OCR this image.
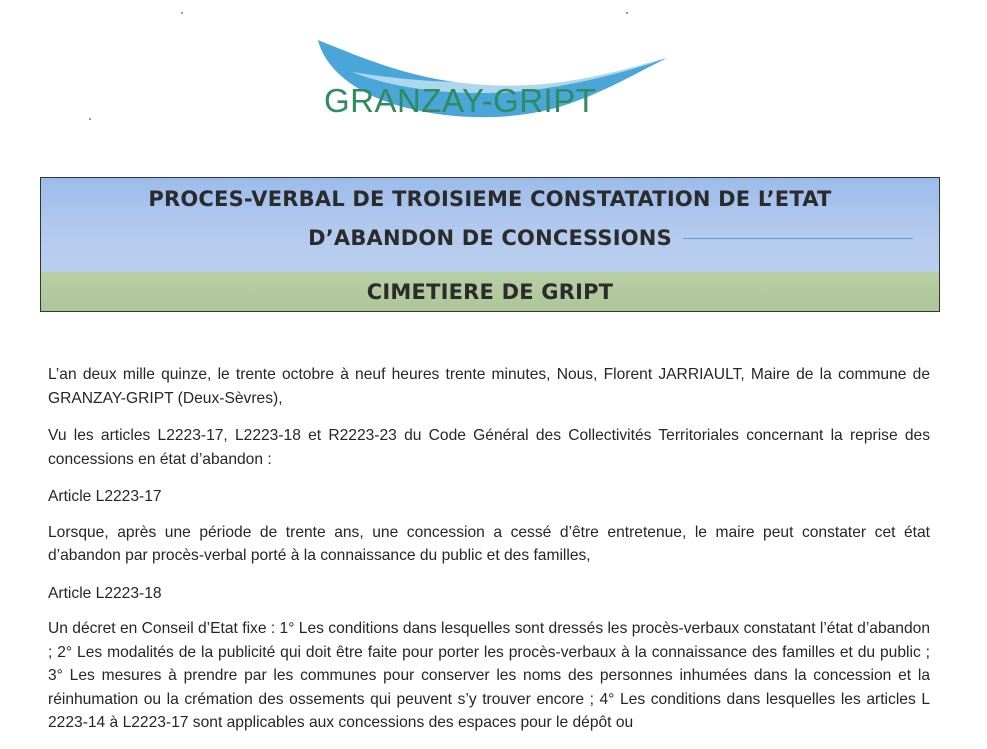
GRANZAY-GRIPT
PROCES-VERBAL DE TROISIEME CONSTATATION DE L’ETAT
D’ABANDON DE CONCESSIONS
CIMETIERE DE GRIPT

L’an deux mille quinze, le trente octobre à neuf heures trente minutes, Nous, Florent JARRIAULT, Maire de la commune de GRANZAY-GRIPT (Deux-Sèvres),

Vu les articles L2223-17, L2223-18 et R2223-23 du Code Général des Collectivités Territoriales concernant la reprise des concessions en état d’abandon :

Article L2223-17

Lorsque, après une période de trente ans, une concession a cessé d’être entretenue, le maire peut constater cet état d’abandon par procès-verbal porté à la connaissance du public et des familles,

Article L2223-18

Un décret en Conseil d’Etat fixe : 1° Les conditions dans lesquelles sont dressés les procès-verbaux constatant l’état d’abandon ; 2° Les modalités de la publicité qui doit être faite pour porter les procès-verbaux à la connaissance des familles et du public ; 3° Les mesures à prendre par les communes pour conserver les noms des personnes inhumées dans la concession et la réinhumation ou la crémation des ossements qui peuvent s’y trouver encore ; 4° Les conditions dans lesquelles les articles L 2223-14 à L2223-17 sont applicables aux concessions des espaces pour le dépôt ou
